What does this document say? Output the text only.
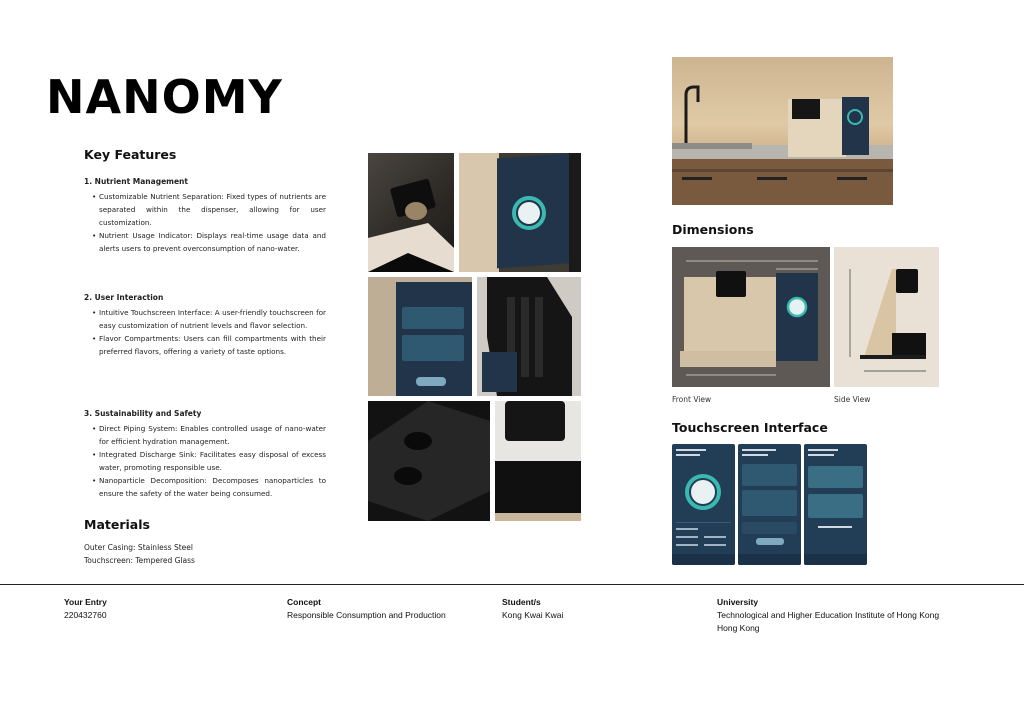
NANOMY
Key Features
1. Nutrient Management
• Customizable Nutrient Separation: Fixed types of nutrients are separated within the dispenser, allowing for user customization.
• Nutrient Usage Indicator: Displays real-time usage data and alerts users to prevent overconsumption of nano-water.
2. User Interaction
• Intuitive Touchscreen Interface: A user-friendly touchscreen for easy customization of nutrient levels and flavor selection.
• Flavor Compartments: Users can fill compartments with their preferred flavors, offering a variety of taste options.
3. Sustainability and Safety
• Direct Piping System: Enables controlled usage of nano-water for efficient hydration management.
• Integrated Discharge Sink: Facilitates easy disposal of excess water, promoting responsible use.
• Nanoparticle Decomposition: Decomposes nanoparticles to ensure the safety of the water being consumed.
Materials
Outer Casing: Stainless Steel
Touchscreen: Tempered Glass
Dimensions
Front View	Side View
Touchscreen Interface
Your Entry
220432760
Concept
Responsible Consumption and Production
Student/s
Kong Kwai Kwai
University
Technological and Higher Education Institute of Hong Kong
Hong Kong
